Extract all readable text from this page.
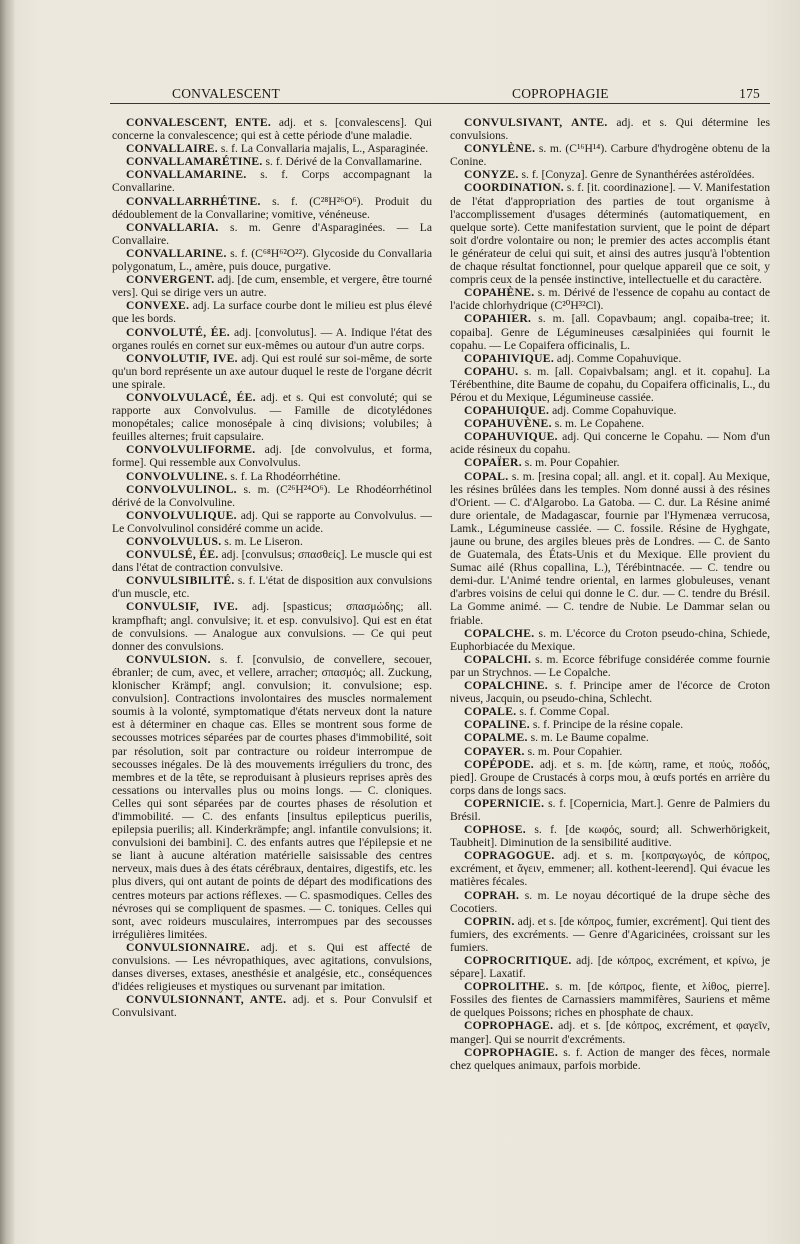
CONVALESCENT	COPROPHAGIE	175

CONVALESCENT, ENTE. adj. et s. [convalescens]. Qui concerne la convalescence; qui est à cette période d'une maladie.

CONVALLAIRE. s. f. La Convallaria majalis, L., Asparaginée.

CONVALLAMARÉTINE. s. f. Dérivé de la Convallamarine.

CONVALLAMARINE. s. f. Corps accompagnant la Convallarine.

CONVALLARRHÉTINE. s. f. (C²⁸H²⁶O⁶). Produit du dédoublement de la Convallarine; vomitive, vénéneuse.

CONVALLARIA. s. m. Genre d'Asparaginées. — La Convallaire.

CONVALLARINE. s. f. (C⁶⁸H⁶²O²²). Glycoside du Convallaria polygonatum, L., amère, puis douce, purgative.

CONVERGENT. adj. [de cum, ensemble, et vergere, être tourné vers]. Qui se dirige vers un autre.

CONVEXE. adj. La surface courbe dont le milieu est plus élevé que les bords.

CONVOLUTÉ, ÉE. adj. [convolutus]. — A. Indique l'état des organes roulés en cornet sur eux-mêmes ou autour d'un autre corps.

CONVOLUTIF, IVE. adj. Qui est roulé sur soi-même, de sorte qu'un bord représente un axe autour duquel le reste de l'organe décrit une spirale.

CONVOLVULACÉ, ÉE. adj. et s. Qui est convoluté; qui se rapporte aux Convolvulus. — Famille de dicotylédones monopétales; calice monosépale à cinq divisions; volubiles; à feuilles alternes; fruit capsulaire.

CONVOLVULIFORME. adj. [de convolvulus, et forma, forme]. Qui ressemble aux Convolvulus.

CONVOLVULINE. s. f. La Rhodéorrhétine.

CONVOLVULINOL. s. m. (C²⁶H²⁴O⁶). Le Rhodéorrhétinol dérivé de la Convolvuline.

CONVOLVULIQUE. adj. Qui se rapporte au Convolvulus. — Le Convolvulinol considéré comme un acide.

CONVOLVULUS. s. m. Le Liseron.

CONVULSÉ, ÉE. adj. [convulsus; σπασθείς]. Le muscle qui est dans l'état de contraction convulsive.

CONVULSIBILITÉ. s. f. L'état de disposition aux convulsions d'un muscle, etc.

CONVULSIF, IVE. adj. [spasticus; σπασμώδης; all. krampfhaft; angl. convulsive; it. et esp. convulsivo]. Qui est en état de convulsions. — Analogue aux convulsions. — Ce qui peut donner des convulsions.

CONVULSION. s. f. [convulsio, de convellere, secouer, ébranler; de cum, avec, et vellere, arracher; σπασμός; all. Zuckung, klonischer Krämpf; angl. convulsion; it. convulsione; esp. convulsion]. Contractions involontaires des muscles normalement soumis à la volonté, symptomatique d'états nerveux dont la nature est à déterminer en chaque cas. Elles se montrent sous forme de secousses motrices séparées par de courtes phases d'immobilité, soit par résolution, soit par contracture ou roideur interrompue de secousses inégales. De là des mouvements irréguliers du tronc, des membres et de la tête, se reproduisant à plusieurs reprises après des cessations ou intervalles plus ou moins longs. — C. cloniques. Celles qui sont séparées par de courtes phases de résolution et d'immobilité. — C. des enfants [insultus epilepticus puerilis, epilepsia puerilis; all. Kinderkrämpfe; angl. infantile convulsions; it. convulsioni dei bambini]. C. des enfants autres que l'épilepsie et ne se liant à aucune altération matérielle saisissable des centres nerveux, mais dues à des états cérébraux, dentaires, digestifs, etc. les plus divers, qui ont autant de points de départ des modifications des centres moteurs par actions réflexes. — C. spasmodiques. Celles des névroses qui se compliquent de spasmes. — C. toniques. Celles qui sont, avec roideurs musculaires, interrompues par des secousses irrégulières limitées.

CONVULSIONNAIRE. adj. et s. Qui est affecté de convulsions. — Les névropathiques, avec agitations, convulsions, danses diverses, extases, anesthésie et analgésie, etc., conséquences d'idées religieuses et mystiques ou survenant par imitation.

CONVULSIONNANT, ANTE. adj. et s. Pour Convulsif et Convulsivant.

CONVULSIVANT, ANTE. adj. et s. Qui détermine les convulsions.

CONYLÈNE. s. m. (C¹⁶H¹⁴). Carbure d'hydrogène obtenu de la Conine.

CONYZE. s. f. [Conyza]. Genre de Synanthérées astéroïdées.

COORDINATION. s. f. [it. coordinazione]. — V. Manifestation de l'état d'appropriation des parties de tout organisme à l'accomplissement d'usages déterminés (automatiquement, en quelque sorte). Cette manifestation survient, que le point de départ soit d'ordre volontaire ou non; le premier des actes accomplis étant le générateur de celui qui suit, et ainsi des autres jusqu'à l'obtention de chaque résultat fonctionnel, pour quelque appareil que ce soit, y compris ceux de la pensée instinctive, intellectuelle et du caractère.

COPAHÈNE. s. m. Dérivé de l'essence de copahu au contact de l'acide chlorhydrique (C²⁰H³²Cl).

COPAHIER. s. m. [all. Copavbaum; angl. copaiba-tree; it. copaiba]. Genre de Légumineuses cæsalpiniées qui fournit le copahu. — Le Copaifera officinalis, L.

COPAHIVIQUE. adj. Comme Copahuvique.

COPAHU. s. m. [all. Copaivbalsam; angl. et it. copahu]. La Térébenthine, dite Baume de copahu, du Copaifera officinalis, L., du Pérou et du Mexique, Légumineuse cassiée.

COPAHUIQUE. adj. Comme Copahuvique.

COPAHUVÈNE. s. m. Le Copahene.

COPAHUVIQUE. adj. Qui concerne le Copahu. — Nom d'un acide résineux du copahu.

COPAÏER. s. m. Pour Copahier.

COPAL. s. m. [resina copal; all. angl. et it. copal]. Au Mexique, les résines brûlées dans les temples. Nom donné aussi à des résines d'Orient. — C. d'Algarobo. La Gatoba. — C. dur. La Résine animé dure orientale, de Madagascar, fournie par l'Hymenæa verrucosa, Lamk., Légumineuse cassiée. — C. fossile. Résine de Hyghgate, jaune ou brune, des argiles bleues près de Londres. — C. de Santo de Guatemala, des États-Unis et du Mexique. Elle provient du Sumac ailé (Rhus copallina, L.), Térébintnacée. — C. tendre ou demi-dur. L'Animé tendre oriental, en larmes globuleuses, venant d'arbres voisins de celui qui donne le C. dur. — C. tendre du Brésil. La Gomme animé. — C. tendre de Nubie. Le Dammar selan ou friable.

COPALCHE. s. m. L'écorce du Croton pseudo-china, Schiede, Euphorbiacée du Mexique.

COPALCHI. s. m. Ecorce fébrifuge considérée comme fournie par un Strychnos. — Le Copalche.

COPALCHINE. s. f. Principe amer de l'écorce de Croton niveus, Jacquin, ou pseudo-china, Schlecht.

COPALE. s. f. Comme Copal.

COPALINE. s. f. Principe de la résine copale.

COPALME. s. m. Le Baume copalme.

COPAYER. s. m. Pour Copahier.

COPÉPODE. adj. et s. m. [de κώπη, rame, et πούς, ποδός, pied]. Groupe de Crustacés à corps mou, à œufs portés en arrière du corps dans de longs sacs.

COPERNICIE. s. f. [Copernicia, Mart.]. Genre de Palmiers du Brésil.

COPHOSE. s. f. [de κωφός, sourd; all. Schwerhörigkeit, Taubheit]. Diminution de la sensibilité auditive.

COPRAGOGUE. adj. et s. m. [κοπραγωγός, de κόπρος, excrément, et ἄγειν, emmener; all. kothent-leerend]. Qui évacue les matières fécales.

COPRAH. s. m. Le noyau décortiqué de la drupe sèche des Cocotiers.

COPRIN. adj. et s. [de κόπρος, fumier, excrément]. Qui tient des fumiers, des excréments. — Genre d'Agaricinées, croissant sur les fumiers.

COPROCRITIQUE. adj. [de κόπρος, excrément, et κρίνω, je sépare]. Laxatif.

COPROLITHE. s. m. [de κόπρος, fiente, et λίθος, pierre]. Fossiles des fientes de Carnassiers mammifères, Sauriens et même de quelques Poissons; riches en phosphate de chaux.

COPROPHAGE. adj. et s. [de κόπρος, excrément, et φαγεῖν, manger]. Qui se nourrit d'excréments.

COPROPHAGIE. s. f. Action de manger des fèces, normale chez quelques animaux, parfois morbide.
